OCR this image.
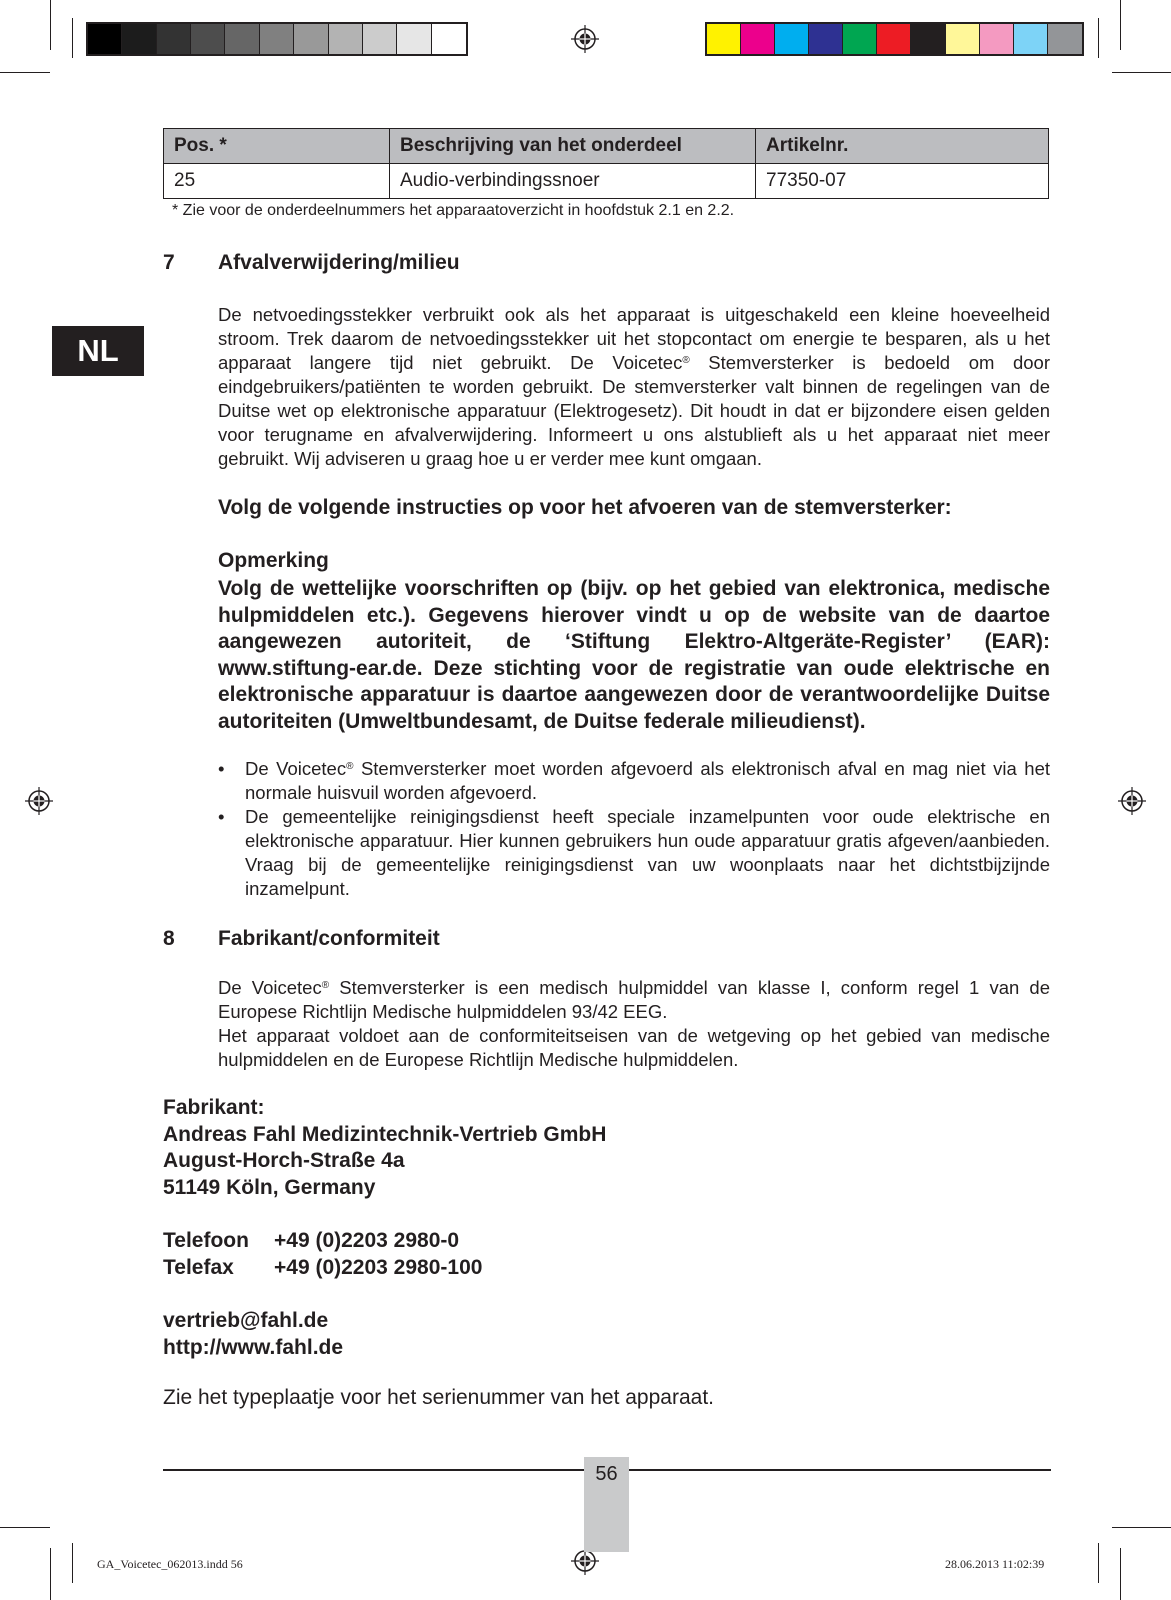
Pos. *	Beschrijving van het onderdeel	Artikelnr.
25	Audio-verbindingssnoer	77350-07
* Zie voor de onderdeelnummers het apparaatoverzicht in hoofdstuk 2.1 en 2.2.
NL
7 Afvalverwijdering/milieu
De netvoedingsstekker verbruikt ook als het apparaat is uitgeschakeld een kleine hoeveelheid stroom. Trek daarom de netvoedingsstekker uit het stopcontact om energie te besparen, als u het apparaat langere tijd niet gebruikt. De Voicetec® Stemversterker is bedoeld om door eindgebruikers/patiënten te worden gebruikt. De stemversterker valt binnen de regelingen van de Duitse wet op elektronische apparatuur (Elektrogesetz). Dit houdt in dat er bijzondere eisen gelden voor terugname en afvalverwijdering. Informeert u ons alstublieft als u het apparaat niet meer gebruikt. Wij adviseren u graag hoe u er verder mee kunt omgaan.
Volg de volgende instructies op voor het afvoeren van de stemversterker:
Opmerking
Volg de wettelijke voorschriften op (bijv. op het gebied van elektronica, medische hulpmiddelen etc.). Gegevens hierover vindt u op de website van de daartoe aangewezen autoriteit, de ‘Stiftung Elektro-Altgeräte-Register’ (EAR): www.stiftung-ear.de. Deze stichting voor de registratie van oude elektrische en elektronische apparatuur is daartoe aangewezen door de verantwoordelijke Duitse autoriteiten (Umweltbundesamt, de Duitse federale milieudienst).
• De Voicetec® Stemversterker moet worden afgevoerd als elektronisch afval en mag niet via het normale huisvuil worden afgevoerd.
• De gemeentelijke reinigingsdienst heeft speciale inzamelpunten voor oude elektrische en elektronische apparatuur. Hier kunnen gebruikers hun oude apparatuur gratis afgeven/aanbieden. Vraag bij de gemeentelijke reinigingsdienst van uw woonplaats naar het dichtstbijzijnde inzamelpunt.
8 Fabrikant/conformiteit
De Voicetec® Stemversterker is een medisch hulpmiddel van klasse I, conform regel 1 van de Europese Richtlijn Medische hulpmiddelen 93/42 EEG.
Het apparaat voldoet aan de conformiteitseisen van de wetgeving op het gebied van medische hulpmiddelen en de Europese Richtlijn Medische hulpmiddelen.
Fabrikant:
Andreas Fahl Medizintechnik-Vertrieb GmbH
August-Horch-Straße 4a
51149 Köln, Germany
Telefoon +49 (0)2203 2980-0
Telefax +49 (0)2203 2980-100
vertrieb@fahl.de
http://www.fahl.de
Zie het typeplaatje voor het serienummer van het apparaat.
56
GA_Voicetec_062013.indd 56	28.06.2013 11:02:39
